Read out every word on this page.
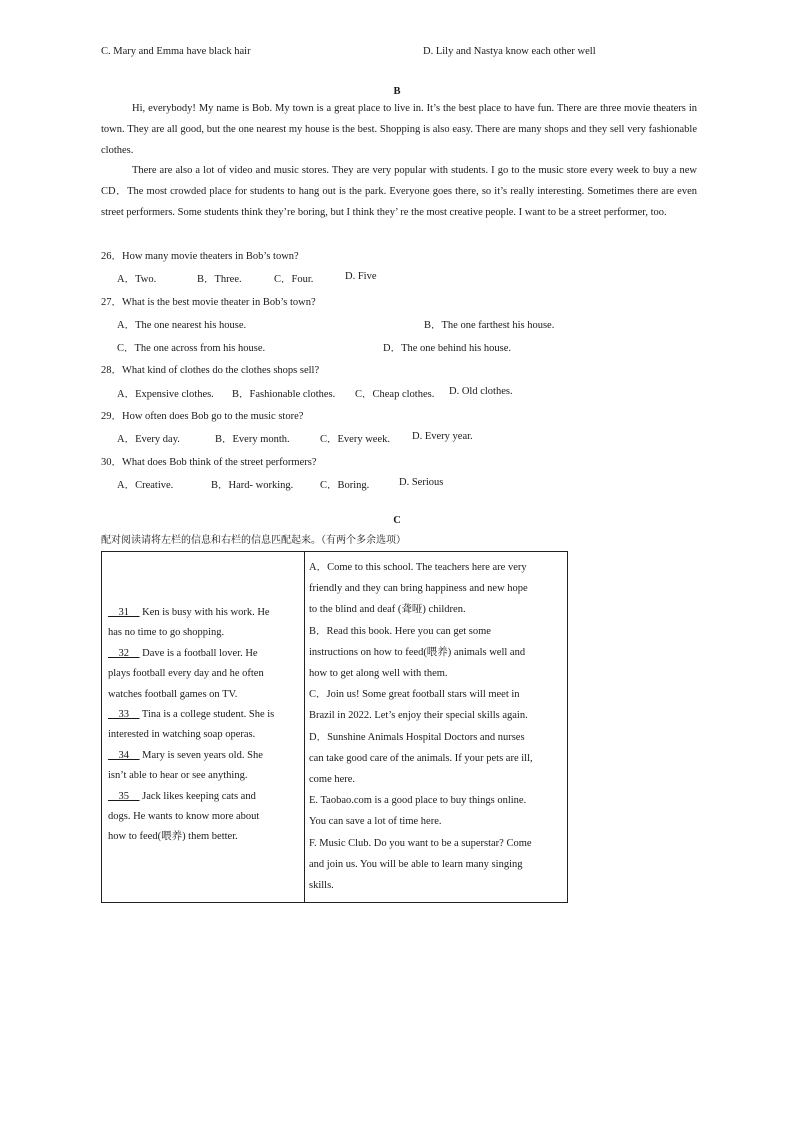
C. Mary and Emma have black hair	D. Lily and Nastya know each other well
B
Hi, everybody! My name is Bob. My town is a great place to live in. It’s the best place to have fun. There are three movie theaters in town. They are all good, but the one nearest my house is the best. Shopping is also easy. There are many shops and they sell very fashionable clothes.
There are also a lot of video and music stores. They are very popular with students. I go to the music store every week to buy a new CD．The most crowded place for students to hang out is the park. Everyone goes there, so it’s really interesting. Sometimes there are even street performers. Some students think they’re boring, but I think they’ re the most creative people. I want to be a street performer, too.
26．How many movie theaters in Bob’s town?
A．Two.	B．Three.	C．Four.	D. Five
27．What is the best movie theater in Bob’s town?
A．The one nearest his house.	B．The one farthest his house.
C．The one across from his house.	D．The one behind his house.
28．What kind of clothes do the clothes shops sell?
A．Expensive clothes. B．Fashionable clothes. C．Cheap clothes. D. Old clothes.
29．How often does Bob go to the music store?
A．Every day.	B．Every month.	C．Every week. D. Every year.
30．What does Bob think of the street performers?
A．Creative.	B．Hard- working.	C．Boring.	D. Serious
C
配对阅读请将左栏的信息和右栏的信息匹配起来。（有两个多余选项）
__31__ Ken is busy with his work. He
has no time to go shopping.
__32__ Dave is a football lover. He
plays football every day and he often
watches football games on TV.
__33__ Tina is a college student. She is
interested in watching soap operas.
__34__ Mary is seven years old. She
isn’t able to hear or see anything.
__35__ Jack likes keeping cats and
dogs. He wants to know more about
how to feed(喂养) them better.
A．Come to this school. The teachers here are very
friendly and they can bring happiness and new hope
to the blind and deaf (聋哑) children.
B．Read this book. Here you can get some
instructions on how to feed(喂养) animals well and
how to get along well with them.
C．Join us! Some great football stars will meet in
Brazil in 2022. Let’s enjoy their special skills again.
D．Sunshine Animals Hospital Doctors and nurses
can take good care of the animals. If your pets are ill,
come here.
E. Taobao.com is a good place to buy things online.
You can save a lot of time here.
F. Music Club. Do you want to be a superstar? Come
and join us. You will be able to learn many singing
skills.
